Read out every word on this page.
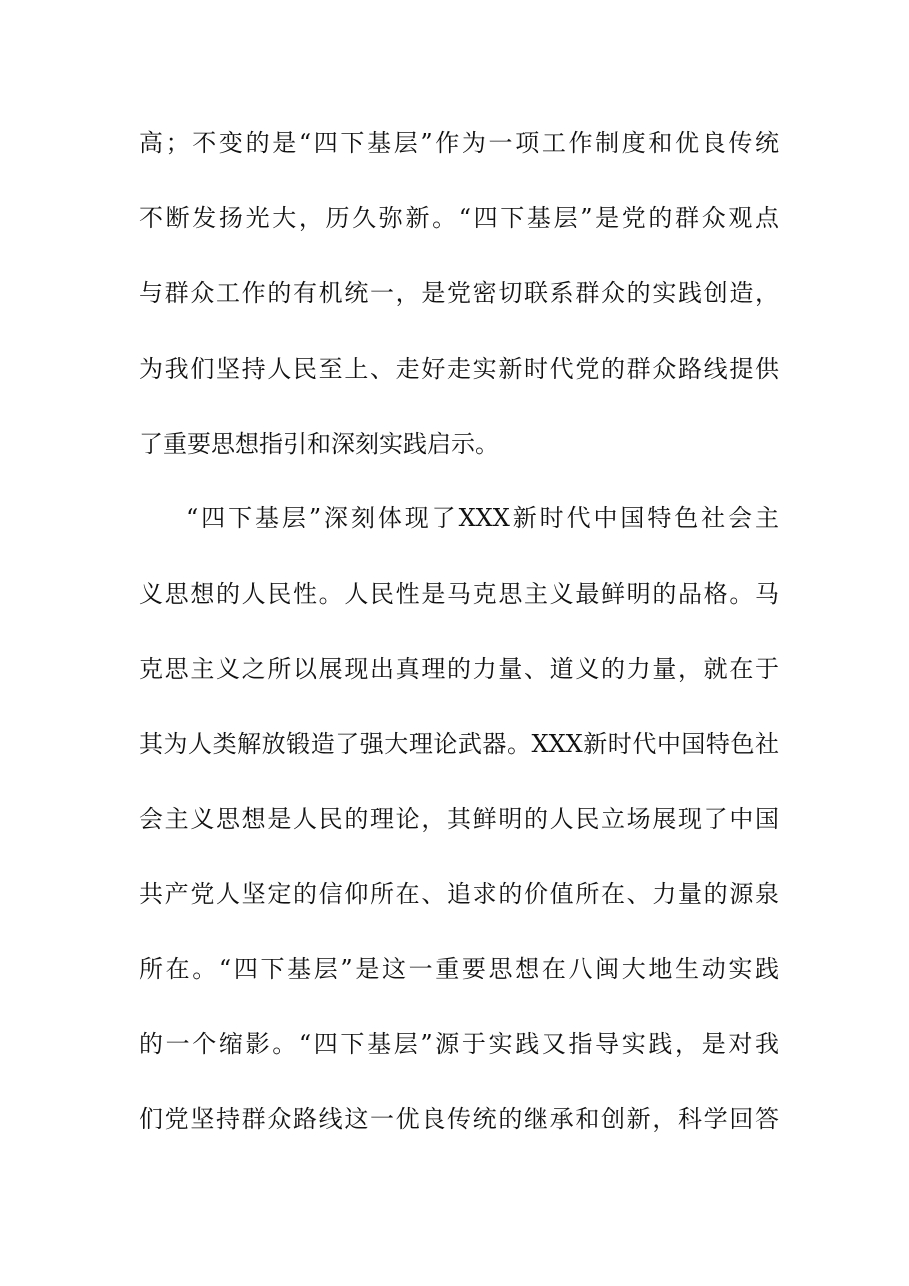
高；不变的是“四下基层”作为一项工作制度和优良传统
不断发扬光大，历久弥新。“四下基层”是党的群众观点
与群众工作的有机统一，是党密切联系群众的实践创造，
为我们坚持人民至上、走好走实新时代党的群众路线提供
了重要思想指引和深刻实践启示。
“四下基层”深刻体现了XXX新时代中国特色社会主
义思想的人民性。人民性是马克思主义最鲜明的品格。马
克思主义之所以展现出真理的力量、道义的力量，就在于
其为人类解放锻造了强大理论武器。XXX新时代中国特色社
会主义思想是人民的理论，其鲜明的人民立场展现了中国
共产党人坚定的信仰所在、追求的价值所在、力量的源泉
所在。“四下基层”是这一重要思想在八闽大地生动实践
的一个缩影。“四下基层”源于实践又指导实践，是对我
们党坚持群众路线这一优良传统的继承和创新，科学回答
